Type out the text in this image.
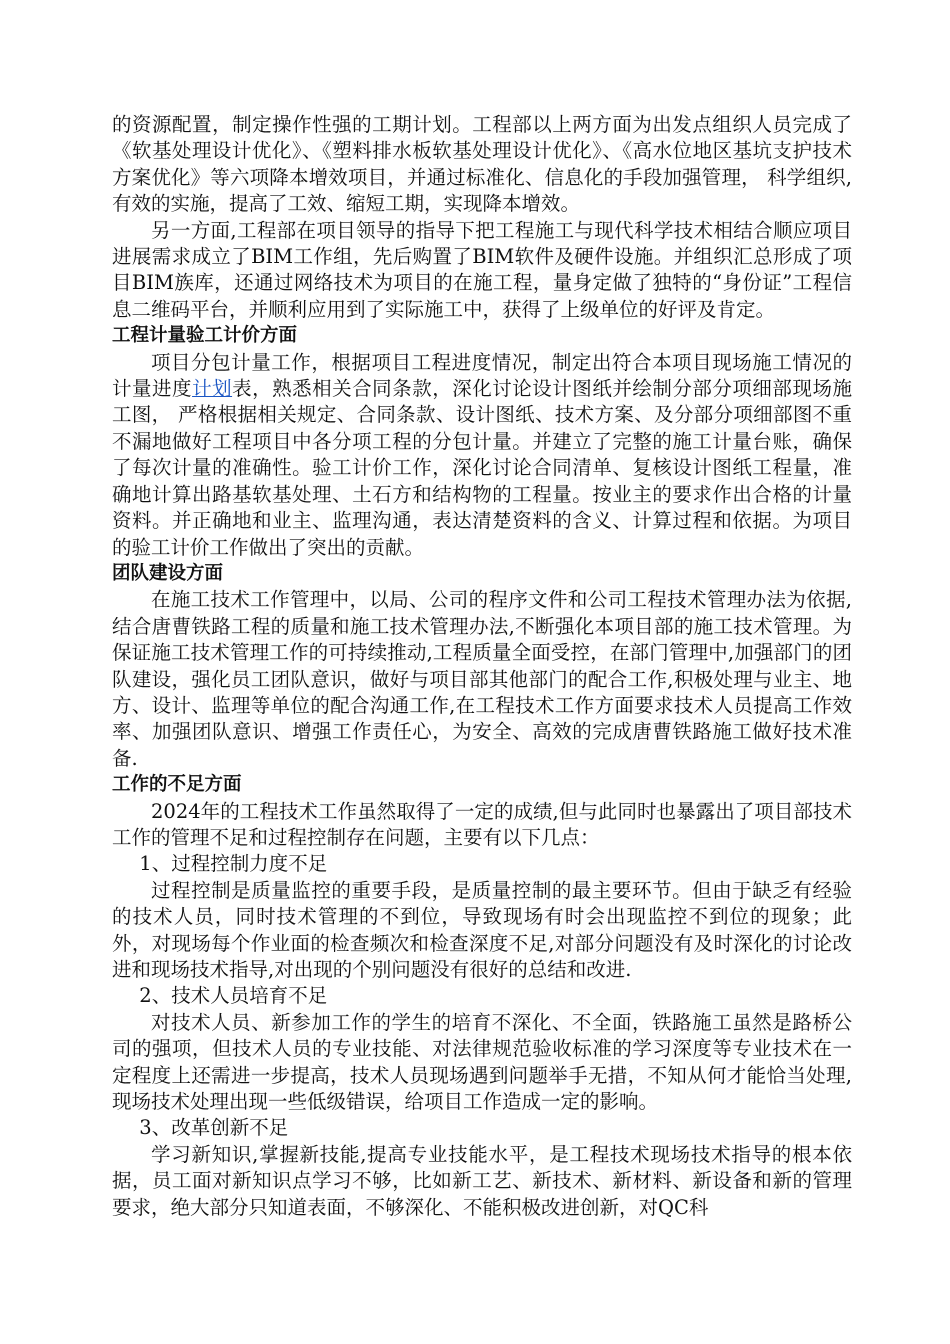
的资源配置，制定操作性强的工期计划。工程部以上两方面为出发点组织人员完成了《软基处理设计优化》、《塑料排水板软基处理设计优化》、《高水位地区基坑支护技术方案优化》等六项降本增效项目，并通过标准化、信息化的手段加强管理， 科学组织,有效的实施，提高了工效、缩短工期，实现降本增效。

另一方面,工程部在项目领导的指导下把工程施工与现代科学技术相结合顺应项目进展需求成立了BIM工作组，先后购置了BIM软件及硬件设施。并组织汇总形成了项目BIM族库，还通过网络技术为项目的在施工程，量身定做了独特的“身份证”工程信息二维码平台，并顺利应用到了实际施工中，获得了上级单位的好评及肯定。

工程计量验工计价方面

项目分包计量工作，根据项目工程进度情况，制定出符合本项目现场施工情况的计量进度计划表，熟悉相关合同条款，深化讨论设计图纸并绘制分部分项细部现场施工图， 严格根据相关规定、合同条款、设计图纸、技术方案、及分部分项细部图不重不漏地做好工程项目中各分项工程的分包计量。并建立了完整的施工计量台账，确保了每次计量的准确性。验工计价工作，深化讨论合同清单、复核设计图纸工程量，准确地计算出路基软基处理、土石方和结构物的工程量。按业主的要求作出合格的计量资料。并正确地和业主、监理沟通，表达清楚资料的含义、计算过程和依据。为项目的验工计价工作做出了突出的贡献。

团队建设方面

在施工技术工作管理中，以局、公司的程序文件和公司工程技术管理办法为依据,结合唐曹铁路工程的质量和施工技术管理办法,不断强化本项目部的施工技术管理。为保证施工技术管理工作的可持续推动,工程质量全面受控，在部门管理中,加强部门的团队建设，强化员工团队意识，做好与项目部其他部门的配合工作,积极处理与业主、地方、设计、监理等单位的配合沟通工作,在工程技术工作方面要求技术人员提高工作效率、加强团队意识、增强工作责任心，为安全、高效的完成唐曹铁路施工做好技术准备.

工作的不足方面

2024年的工程技术工作虽然取得了一定的成绩,但与此同时也暴露出了项目部技术工作的管理不足和过程控制存在问题，主要有以下几点：

1、过程控制力度不足

过程控制是质量监控的重要手段，是质量控制的最主要环节。但由于缺乏有经验的技术人员，同时技术管理的不到位，导致现场有时会出现监控不到位的现象；此外，对现场每个作业面的检查频次和检查深度不足,对部分问题没有及时深化的讨论改进和现场技术指导,对出现的个别问题没有很好的总结和改进.

2、技术人员培育不足

对技术人员、新参加工作的学生的培育不深化、不全面，铁路施工虽然是路桥公司的强项，但技术人员的专业技能、对法律规范验收标准的学习深度等专业技术在一定程度上还需进一步提高，技术人员现场遇到问题举手无措，不知从何才能恰当处理,现场技术处理出现一些低级错误，给项目工作造成一定的影响。

3、改革创新不足

学习新知识,掌握新技能,提高专业技能水平，是工程技术现场技术指导的根本依据，员工面对新知识点学习不够，比如新工艺、新技术、新材料、新设备和新的管理要求，绝大部分只知道表面，不够深化、不能积极改进创新，对QC科
